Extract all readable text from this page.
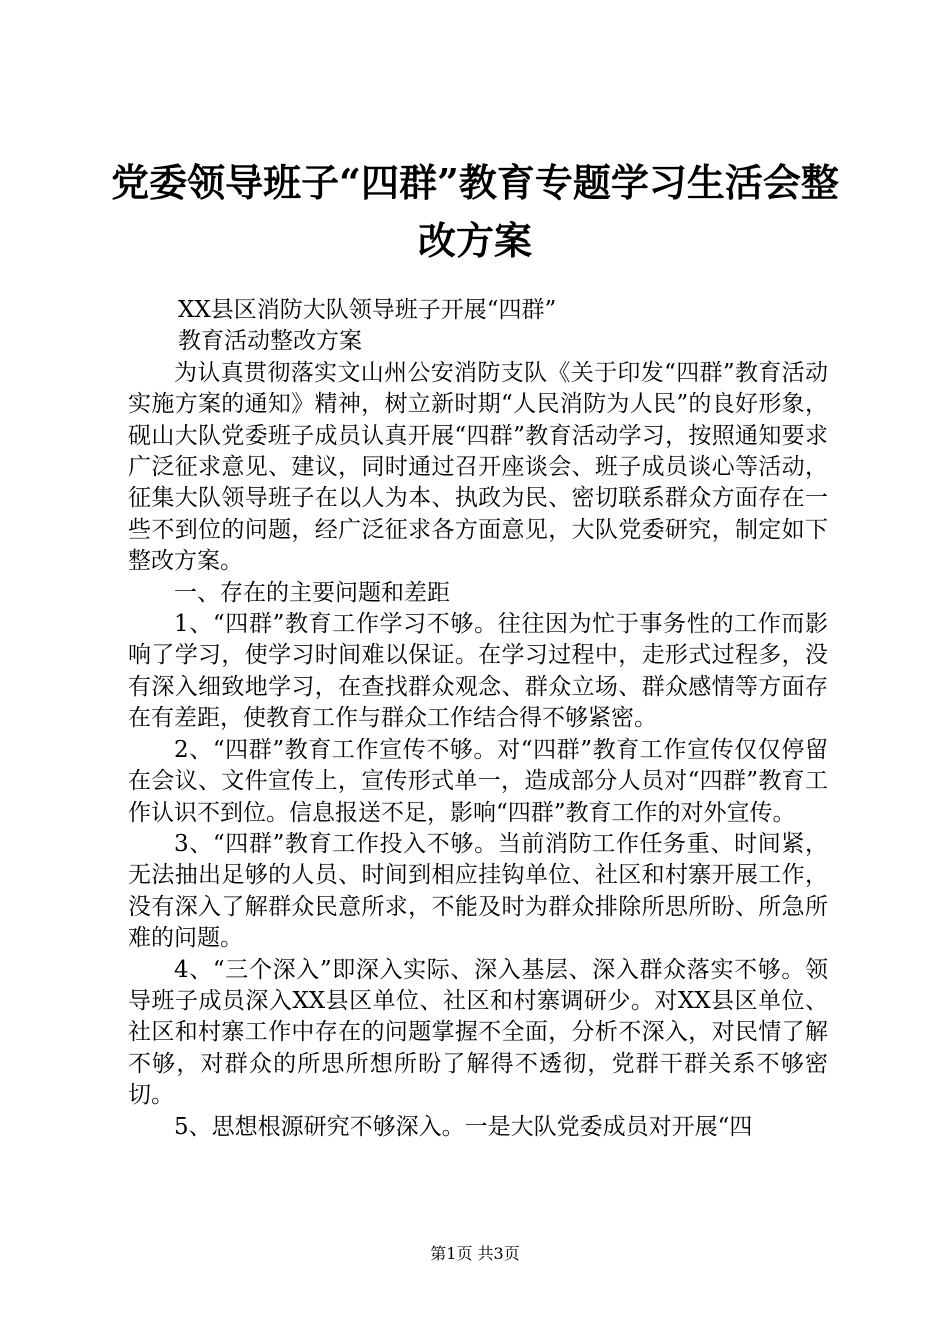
党委领导班子“四群”教育专题学习生活会整
改方案

XX县区消防大队领导班子开展“四群”

教育活动整改方案

为认真贯彻落实文山州公安消防支队《关于印发“四群”教育活动实施方案的通知》精神，树立新时期“人民消防为人民”的良好形象，砚山大队党委班子成员认真开展“四群”教育活动学习，按照通知要求广泛征求意见、建议，同时通过召开座谈会、班子成员谈心等活动，征集大队领导班子在以人为本、执政为民、密切联系群众方面存在一些不到位的问题，经广泛征求各方面意见，大队党委研究，制定如下整改方案。

一、存在的主要问题和差距

1、“四群”教育工作学习不够。往往因为忙于事务性的工作而影响了学习，使学习时间难以保证。在学习过程中，走形式过程多，没有深入细致地学习，在查找群众观念、群众立场、群众感情等方面存在有差距，使教育工作与群众工作结合得不够紧密。

2、“四群”教育工作宣传不够。对“四群”教育工作宣传仅仅停留在会议、文件宣传上，宣传形式单一，造成部分人员对“四群”教育工作认识不到位。信息报送不足，影响“四群”教育工作的对外宣传。

3、“四群”教育工作投入不够。当前消防工作任务重、时间紧，无法抽出足够的人员、时间到相应挂钩单位、社区和村寨开展工作，没有深入了解群众民意所求，不能及时为群众排除所思所盼、所急所难的问题。

4、“三个深入”即深入实际、深入基层、深入群众落实不够。领导班子成员深入XX县区单位、社区和村寨调研少。对XX县区单位、社区和村寨工作中存在的问题掌握不全面，分析不深入，对民情了解不够，对群众的所思所想所盼了解得不透彻，党群干群关系不够密切。

5、思想根源研究不够深入。一是大队党委成员对开展“四

第1页 共3页
